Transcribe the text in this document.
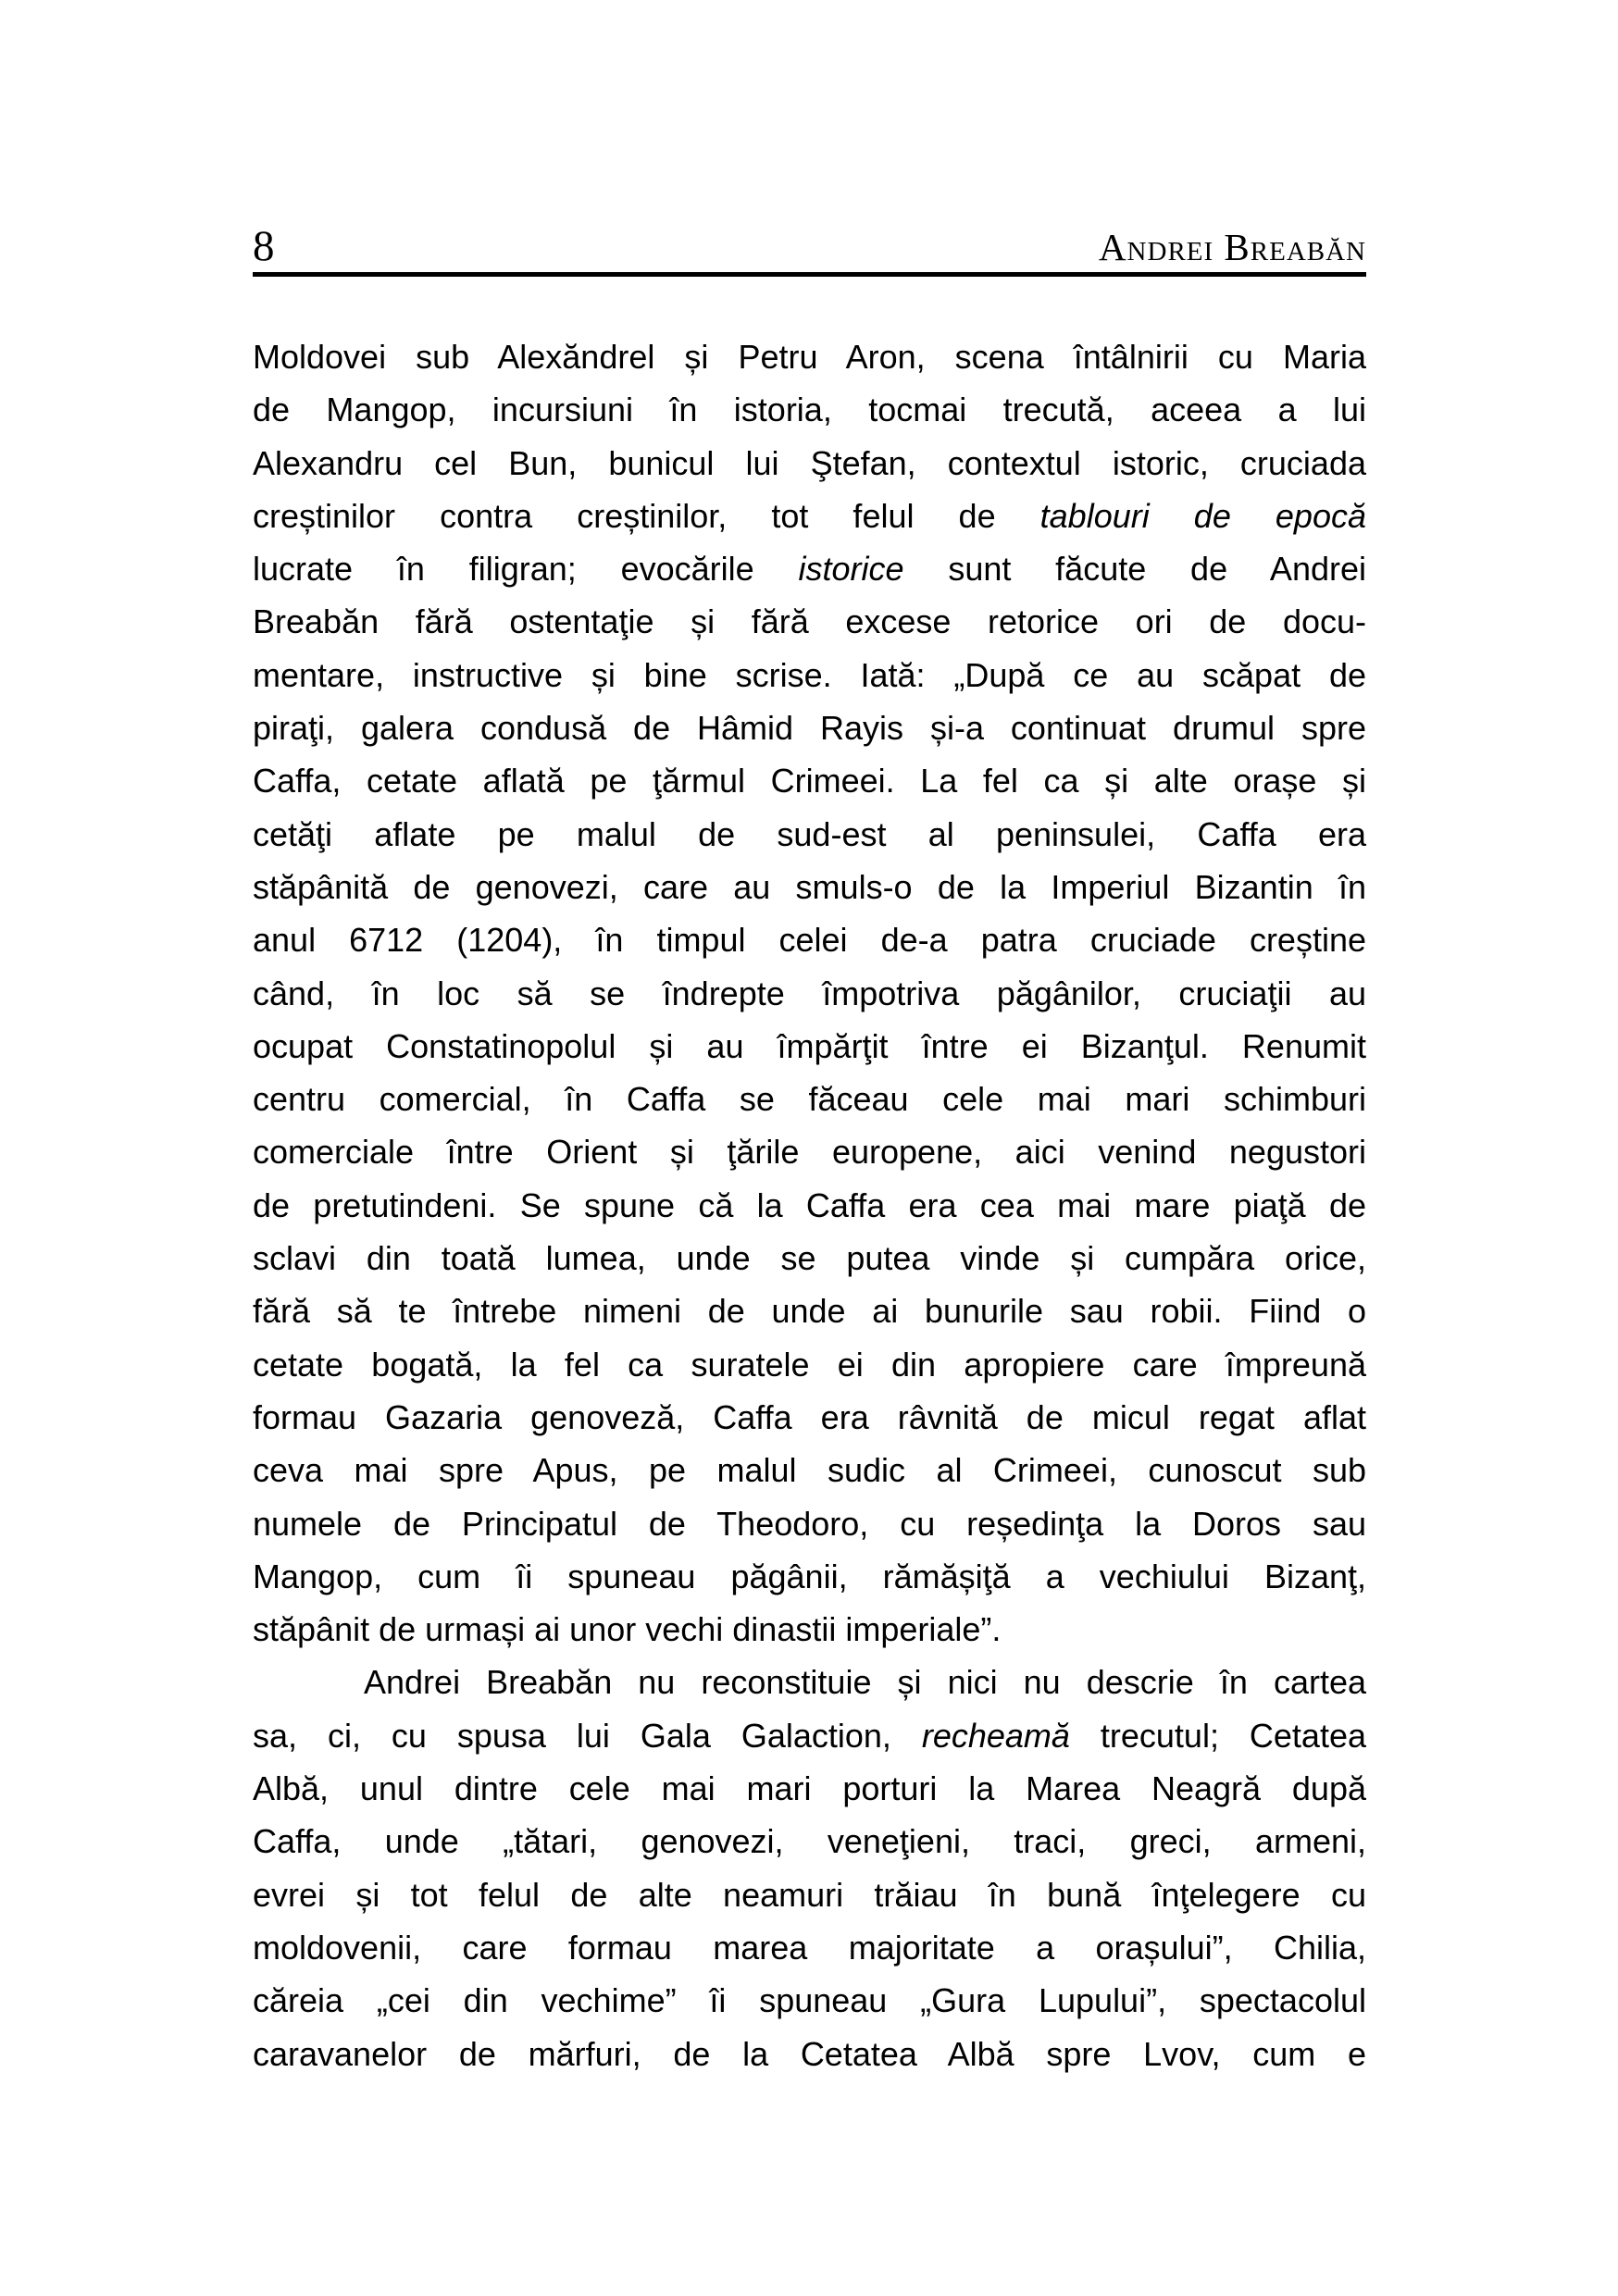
8	Andrei Breabăn
Moldovei sub Alexăndrel și Petru Aron, scena întâlnirii cu Maria
de Mangop, incursiuni în istoria, tocmai trecută, aceea a lui
Alexandru cel Bun, bunicul lui Ştefan, contextul istoric, cruciada
creștinilor contra creștinilor, tot felul de tablouri de epocă
lucrate în filigran; evocările istorice sunt făcute de Andrei
Breabăn fără ostentaţie și fără excese retorice ori de docu-
mentare, instructive și bine scrise. Iată: „După ce au scăpat de
piraţi, galera condusă de Hâmid Rayis și-a continuat drumul spre
Caffa, cetate aflată pe ţărmul Crimeei. La fel ca și alte orașe și
cetăţi aflate pe malul de sud-est al peninsulei, Caffa era
stăpânită de genovezi, care au smuls-o de la Imperiul Bizantin în
anul 6712 (1204), în timpul celei de-a patra cruciade creștine
când, în loc să se îndrepte împotriva păgânilor, cruciaţii au
ocupat Constatinopolul și au împărţit între ei Bizanţul. Renumit
centru comercial, în Caffa se făceau cele mai mari schimburi
comerciale între Orient și ţările europene, aici venind negustori
de pretutindeni. Se spune că la Caffa era cea mai mare piaţă de
sclavi din toată lumea, unde se putea vinde și cumpăra orice,
fără să te întrebe nimeni de unde ai bunurile sau robii. Fiind o
cetate bogată, la fel ca suratele ei din apropiere care împreună
formau Gazaria genoveză, Caffa era râvnită de micul regat aflat
ceva mai spre Apus, pe malul sudic al Crimeei, cunoscut sub
numele de Principatul de Theodoro, cu reședinţa la Doros sau
Mangop, cum îi spuneau păgânii, rămășiţă a vechiului Bizanţ,
stăpânit de urmași ai unor vechi dinastii imperiale”.
Andrei Breabăn nu reconstituie și nici nu descrie în cartea
sa, ci, cu spusa lui Gala Galaction, recheamă trecutul; Cetatea
Albă, unul dintre cele mai mari porturi la Marea Neagră după
Caffa, unde „tătari, genovezi, veneţieni, traci, greci, armeni,
evrei și tot felul de alte neamuri trăiau în bună înţelegere cu
moldovenii, care formau marea majoritate a orașului”, Chilia,
căreia „cei din vechime” îi spuneau „Gura Lupului”, spectacolul
caravanelor de mărfuri, de la Cetatea Albă spre Lvov, cum e
